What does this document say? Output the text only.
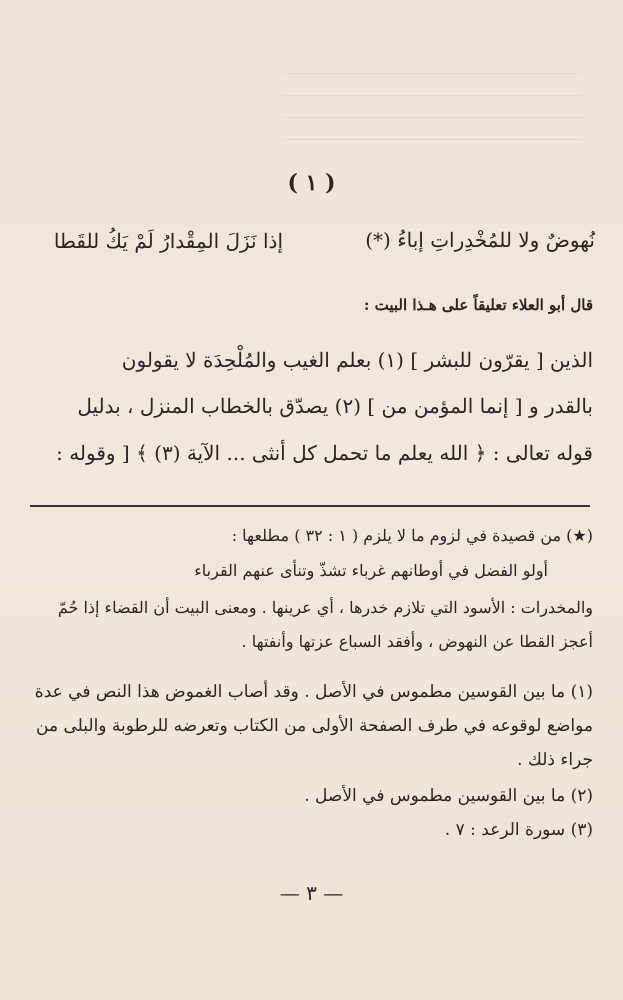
( ١ )
إذا نَزَلَ المِقْدارُ لَمْ يَكُ للقَطا	نُهوضٌ ولا للمُخْدِراتِ إباءُ (*)
قال أبو العلاء تعليقاً على هـذا البيت :
الذين [ يقرّون للبشر ] (١) بعلم الغيب والمُلْحِدَة لا يقولون
بالقدر و [ إنما المؤمن من ] (٢) يصدّق بالخطاب المنزل ، بدليل
قوله تعالى : ﴿ الله يعلم ما تحمل كل أنثى ... الآية (٣) ﴾ [ وقوله :
(★) من قصيدة في لزوم ما لا يلزم ( ١ : ٣٢ ) مطلعها :
أولو الفضل في أوطانهم غرباء تشذّ وتنأى عنهم القرباء
والمخدرات : الأسود التي تلازم خدرها ، أي عرينها . ومعنى البيت أن القضاء إذا حُمّ
أعجز القطا عن النهوض ، وأفقد السباع عزتها وأنفتها .
(١) ما بين القوسين مطموس في الأصل . وقد أصاب الغموض هذا النص في عدة
مواضع لوقوعه في طرف الصفحة الأولى من الكتاب وتعرضه للرطوبة والبلى من
جراء ذلك .
(٢) ما بين القوسين مطموس في الأصل .
(٣) سورة الرعد : ٧ .
— ٣ —
